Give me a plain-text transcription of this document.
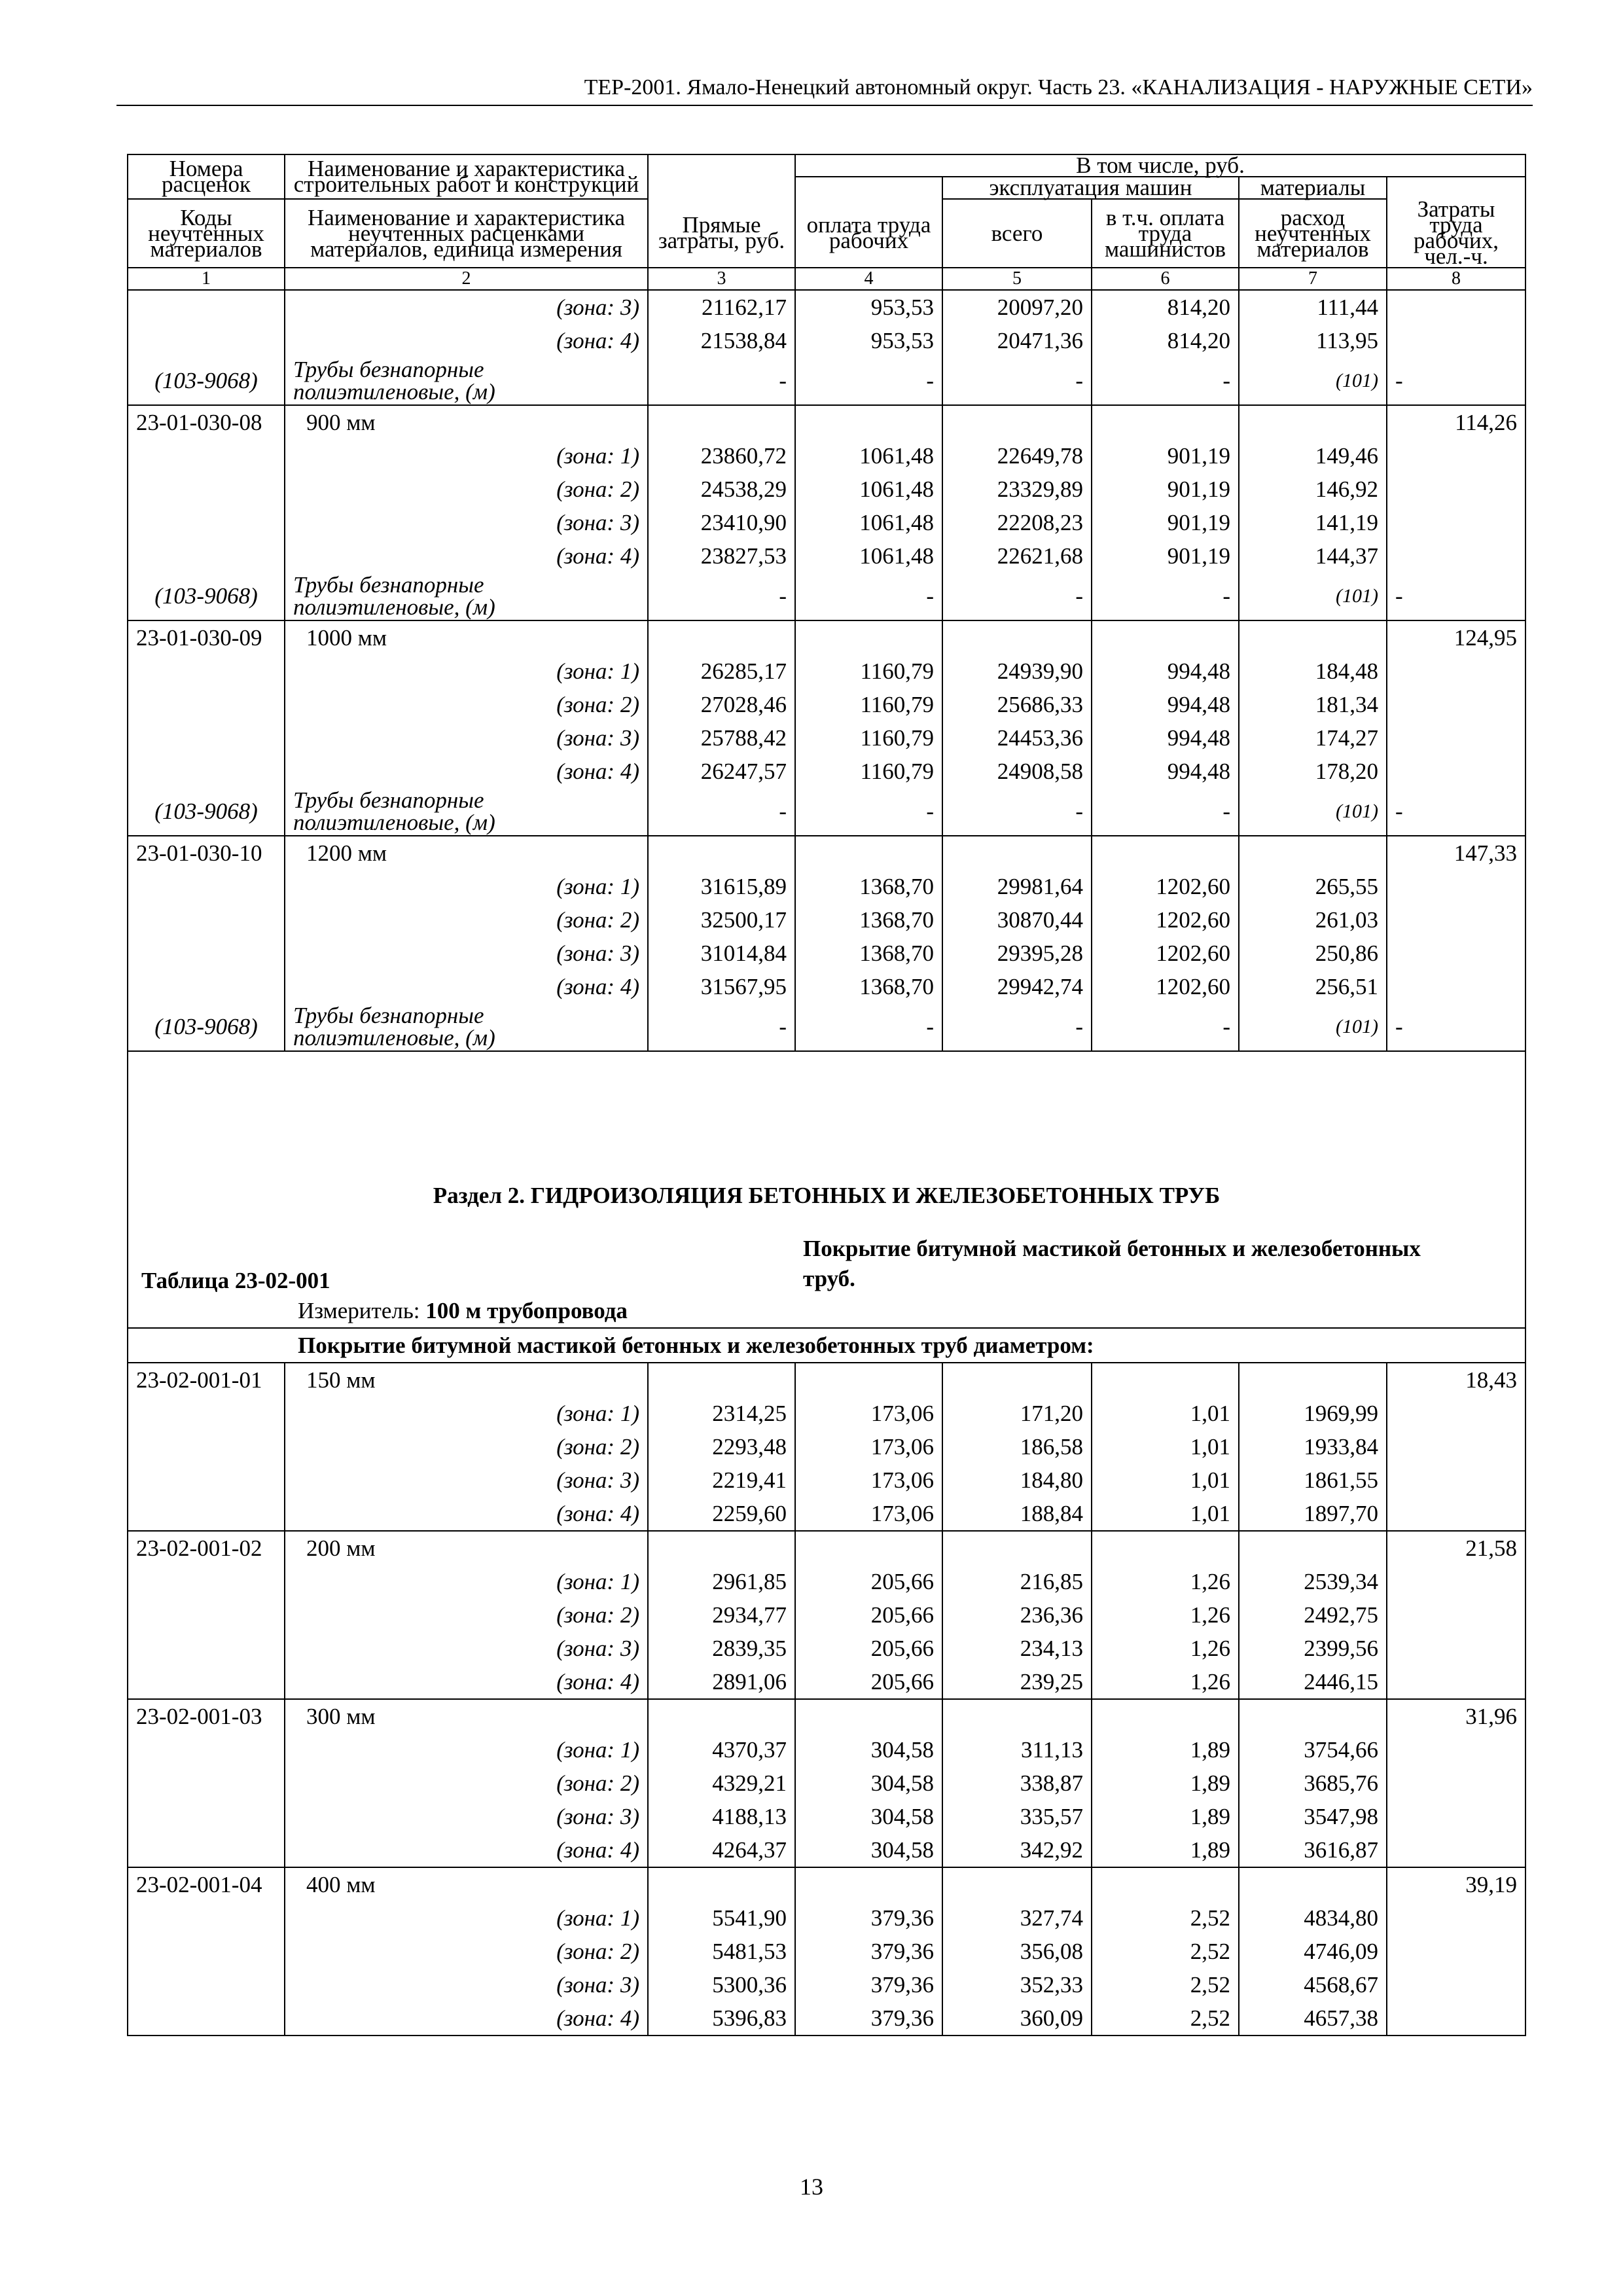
ТЕР-2001. Ямало-Ненецкий автономный округ. Часть 23. «КАНАЛИЗАЦИЯ - НАРУЖНЫЕ СЕТИ»
Номера расценок	Наименование и характеристика строительных работ и конструкций		В том числе, руб.					
				эксплуатация машин		материалы		
Коды неучтенных материалов	Наименование и характеристика неучтенных расценками материалов, единица измерения	Прямые затраты, руб.	оплата труда рабочих	всего	в т.ч. оплата труда машинистов	расход неучтенных материалов	Затраты труда рабочих, чел.-ч.	
1	2	3	4	5	6	7	8	
	(зона: 3)	21162,17	953,53	20097,20	814,20	111,44		
	(зона: 4)	21538,84	953,53	20471,36	814,20	113,95		
(103-9068)	Трубы безнапорные полиэтиленовые, (м)	-	-	-	-	(101)	-	
23-01-030-08	900 мм						114,26	
	(зона: 1)	23860,72	1061,48	22649,78	901,19	149,46		
	(зона: 2)	24538,29	1061,48	23329,89	901,19	146,92		
	(зона: 3)	23410,90	1061,48	22208,23	901,19	141,19		
	(зона: 4)	23827,53	1061,48	22621,68	901,19	144,37		
(103-9068)	Трубы безнапорные полиэтиленовые, (м)	-	-	-	-	(101)	-	
23-01-030-09	1000 мм						124,95	
	(зона: 1)	26285,17	1160,79	24939,90	994,48	184,48		
	(зона: 2)	27028,46	1160,79	25686,33	994,48	181,34		
	(зона: 3)	25788,42	1160,79	24453,36	994,48	174,27		
	(зона: 4)	26247,57	1160,79	24908,58	994,48	178,20		
(103-9068)	Трубы безнапорные полиэтиленовые, (м)	-	-	-	-	(101)	-	
23-01-030-10	1200 мм						147,33	
	(зона: 1)	31615,89	1368,70	29981,64	1202,60	265,55		
	(зона: 2)	32500,17	1368,70	30870,44	1202,60	261,03		
	(зона: 3)	31014,84	1368,70	29395,28	1202,60	250,86		
	(зона: 4)	31567,95	1368,70	29942,74	1202,60	256,51		
(103-9068)	Трубы безнапорные полиэтиленовые, (м)	-	-	-	-	(101)	-	
Раздел 2. ГИДРОИЗОЛЯЦИЯ БЕТОННЫХ И ЖЕЛЕЗОБЕТОННЫХ ТРУБ								
Таблица 23-02-001			Покрытие битумной мастикой бетонных и железобетонных труб.					
	Измеритель: 100 м трубопровода							
	Покрытие битумной мастикой бетонных и железобетонных труб диаметром:							
23-02-001-01	150 мм						18,43	
	(зона: 1)	2314,25	173,06	171,20	1,01	1969,99		
	(зона: 2)	2293,48	173,06	186,58	1,01	1933,84		
	(зона: 3)	2219,41	173,06	184,80	1,01	1861,55		
	(зона: 4)	2259,60	173,06	188,84	1,01	1897,70		
23-02-001-02	200 мм						21,58	
	(зона: 1)	2961,85	205,66	216,85	1,26	2539,34		
	(зона: 2)	2934,77	205,66	236,36	1,26	2492,75		
	(зона: 3)	2839,35	205,66	234,13	1,26	2399,56		
	(зона: 4)	2891,06	205,66	239,25	1,26	2446,15		
23-02-001-03	300 мм						31,96	
	(зона: 1)	4370,37	304,58	311,13	1,89	3754,66		
	(зона: 2)	4329,21	304,58	338,87	1,89	3685,76		
	(зона: 3)	4188,13	304,58	335,57	1,89	3547,98		
	(зона: 4)	4264,37	304,58	342,92	1,89	3616,87		
23-02-001-04	400 мм						39,19	
	(зона: 1)	5541,90	379,36	327,74	2,52	4834,80		
	(зона: 2)	5481,53	379,36	356,08	2,52	4746,09		
	(зона: 3)	5300,36	379,36	352,33	2,52	4568,67		
	(зона: 4)	5396,83	379,36	360,09	2,52	4657,38		
13
